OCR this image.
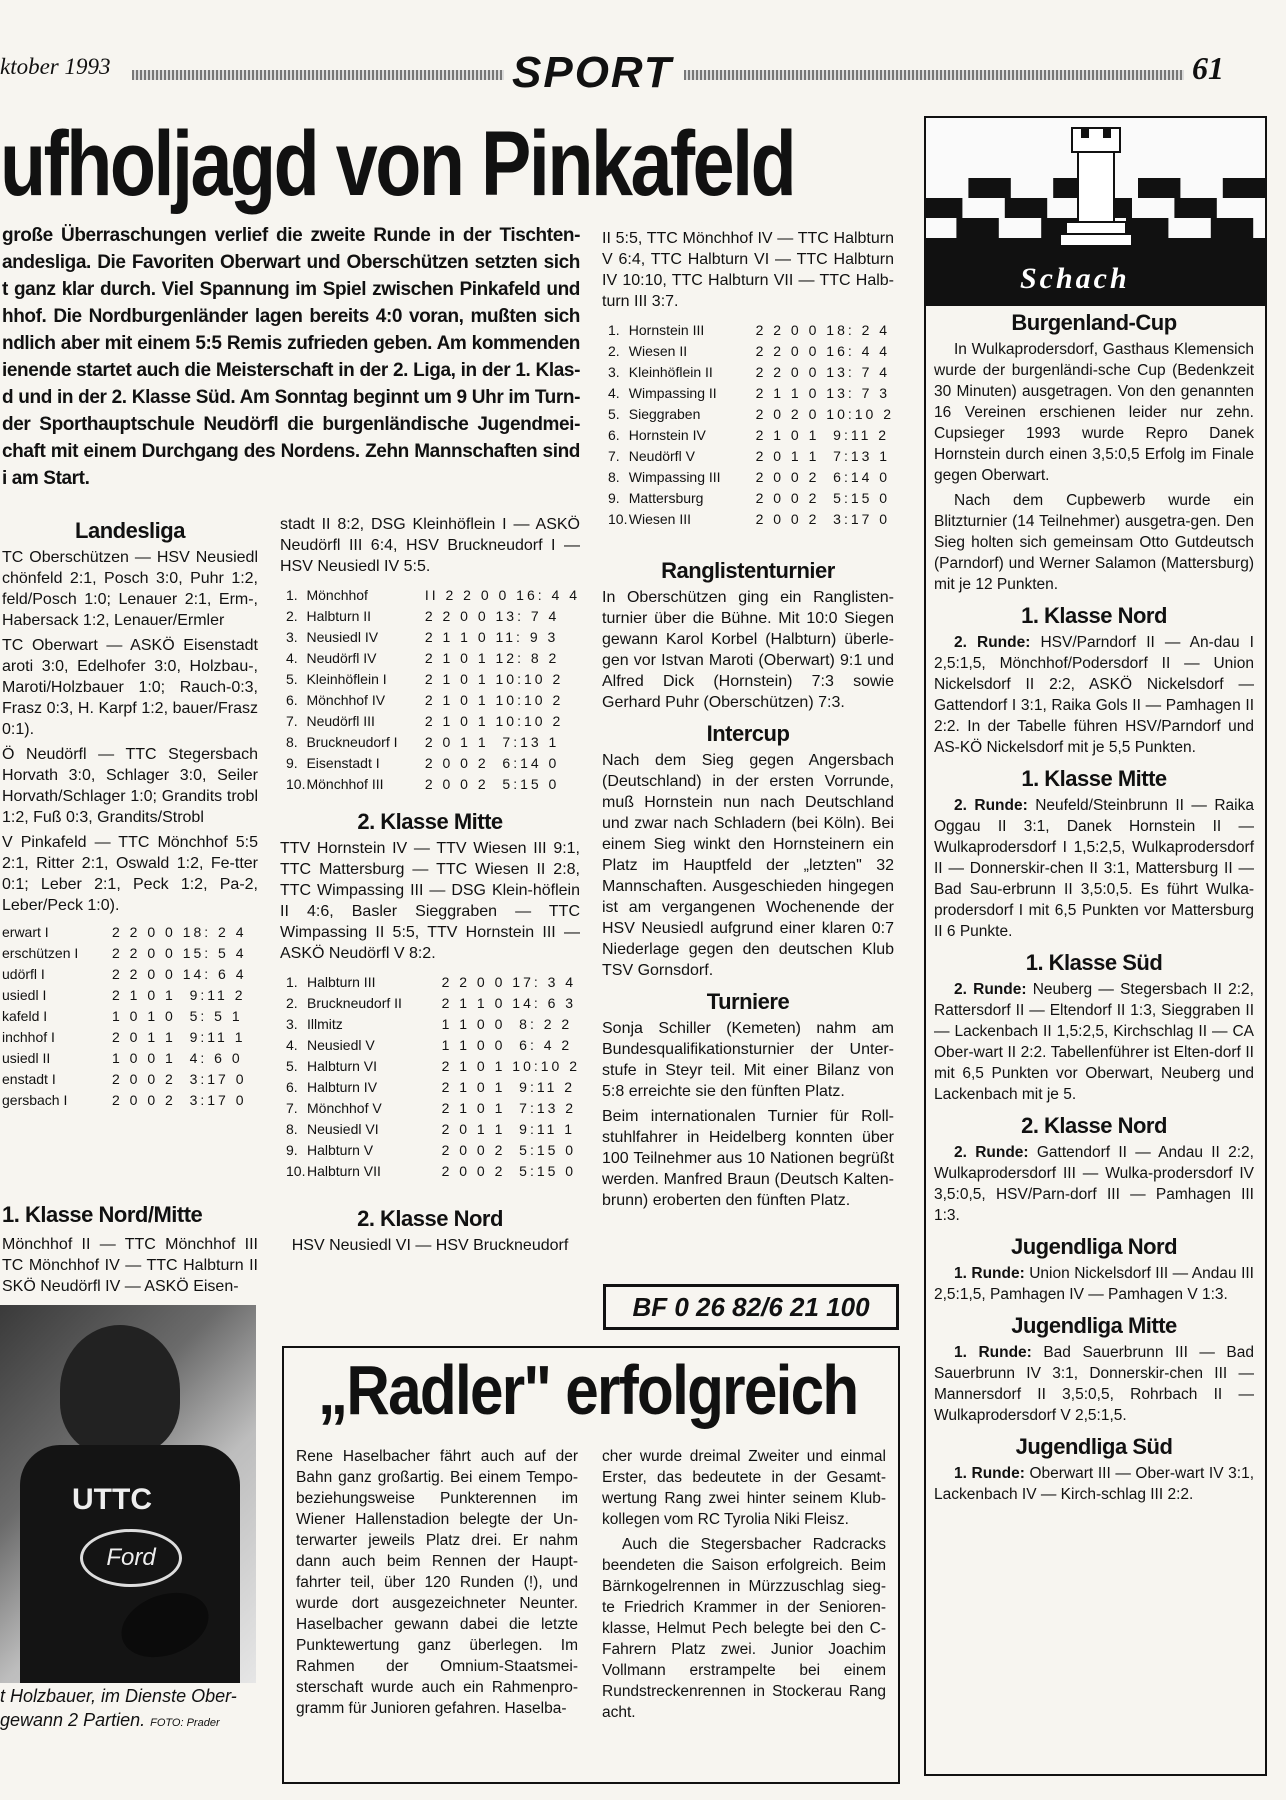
ktober 1993	SPORT	61
ufholjagd von Pinkafeld
große Überraschungen verlief die zweite Runde in der Tischten-andesliga. Die Favoriten Oberwart und Oberschützen setzten sich t ganz klar durch. Viel Spannung im Spiel zwischen Pinkafeld und hhof. Die Nordburgenländer lagen bereits 4:0 voran, mußten sich ndlich aber mit einem 5:5 Remis zufrieden geben. Am kommenden ienende startet auch die Meisterschaft in der 2. Liga, in der 1. Klas-d und in der 2. Klasse Süd. Am Sonntag beginnt um 9 Uhr im Turn-der Sporthauptschule Neudörfl die burgenländische Jugendmei-chaft mit einem Durchgang des Nordens. Zehn Mannschaften sind i am Start.
Landesliga

TC Oberschützen — HSV Neusiedl chönfeld 2:1, Posch 3:0, Puhr 1:2, feld/Posch 1:0; Lenauer 2:1, Erm-, Habersack 1:2, Lenauer/Ermler

TC Oberwart — ASKÖ Eisenstadt aroti 3:0, Edelhofer 3:0, Holzbau-, Maroti/Holzbauer 1:0; Rauch-0:3, Frasz 0:3, H. Karpf 1:2, bauer/Frasz 0:1).

Ö Neudörfl — TTC Stegersbach Horvath 3:0, Schlager 3:0, Seiler Horvath/Schlager 1:0; Grandits trobl 1:2, Fuß 0:3, Grandits/Strobl

V Pinkafeld — TTC Mönchhof 5:5 2:1, Ritter 2:1, Oswald 1:2, Fe-tter 0:1; Leber 2:1, Peck 1:2, Pa-2, Leber/Peck 1:0).

erwart I	2 2 0 0 18: 2 4
erschützen I	2 2 0 0 15: 5 4
udörfl I	2 2 0 0 14: 6 4
usiedl I	2 1 0 1  9:11 2
kafeld I	1 0 1 0  5: 5 1
inchhof I	2 0 1 1  9:11 1
usiedl II	1 0 0 1  4: 6 0
enstadt I	2 0 0 2  3:17 0
gersbach I	2 0 0 2  3:17 0
1. Klasse Nord/Mitte
Mönchhof II — TTC Mönchhof III TC Mönchhof IV — TTC Halbturn II SKÖ Neudörfl IV — ASKÖ Eisen-
UTTC
Ford
t Holzbauer, im Dienste Ober- gewann 2 Partien. FOTO: Prader

stadt II 8:2, DSG Kleinhöflein I — ASKÖ Neudörfl III 6:4, HSV Bruckneudorf I — HSV Neusiedl IV 5:5.

1.	Mönchhof	II 2 2 0 0 16: 4 4
2.	Halbturn II	2 2 0 0 13: 7 4
3.	Neusiedl IV	2 1 1 0 11: 9 3
4.	Neudörfl IV	2 1 0 1 12: 8 2
5.	Kleinhöflein I	2 1 0 1 10:10 2
6.	Mönchhof IV	2 1 0 1 10:10 2
7.	Neudörfl III	2 1 0 1 10:10 2
8.	Bruckneudorf I	2 0 1 1  7:13 1
9.	Eisenstadt I	2 0 0 2  6:14 0
10.	Mönchhof III	2 0 0 2  5:15 0
2. Klasse Mitte

TTV Hornstein IV — TTV Wiesen III 9:1, TTC Mattersburg — TTC Wiesen II 2:8, TTC Wimpassing III — DSG Klein-höflein II 4:6, Basler Sieggraben — TTC Wimpassing II 5:5, TTV Hornstein III — ASKÖ Neudörfl V 8:2.

1.	Halbturn III	2 2 0 0 17: 3 4
2.	Bruckneudorf II	2 1 1 0 14: 6 3
3.	Illmitz	1 1 0 0  8: 2 2
4.	Neusiedl V	1 1 0 0  6: 4 2
5.	Halbturn VI	2 1 0 1 10:10 2
6.	Halbturn IV	2 1 0 1  9:11 2
7.	Mönchhof V	2 1 0 1  7:13 2
8.	Neusiedl VI	2 0 1 1  9:11 1
9.	Halbturn V	2 0 0 2  5:15 0
10.	Halbturn VII	2 0 0 2  5:15 0
2. Klasse Nord

HSV Neusiedl VI — HSV Bruckneudorf

II 5:5, TTC Mönchhof IV — TTC Halbturn V 6:4, TTC Halbturn VI — TTC Halbturn IV 10:10, TTC Halbturn VII — TTC Halb-turn III 3:7.

1.	Hornstein III	2 2 0 0 18: 2 4
2.	Wiesen II	2 2 0 0 16: 4 4
3.	Kleinhöflein II	2 2 0 0 13: 7 4
4.	Wimpassing II	2 1 1 0 13: 7 3
5.	Sieggraben	2 0 2 0 10:10 2
6.	Hornstein IV	2 1 0 1  9:11 2
7.	Neudörfl V	2 0 1 1  7:13 1
8.	Wimpassing III	2 0 0 2  6:14 0
9.	Mattersburg	2 0 0 2  5:15 0
10.	Wiesen III	2 0 0 2  3:17 0
Ranglistenturnier

In Oberschützen ging ein Ranglisten-turnier über die Bühne. Mit 10:0 Siegen gewann Karol Korbel (Halbturn) überle-gen vor Istvan Maroti (Oberwart) 9:1 und Alfred Dick (Hornstein) 7:3 sowie Gerhard Puhr (Oberschützen) 7:3.

Intercup

Nach dem Sieg gegen Angersbach (Deutschland) in der ersten Vorrunde, muß Hornstein nun nach Deutschland und zwar nach Schladern (bei Köln). Bei einem Sieg winkt den Hornsteinern ein Platz im Hauptfeld der „letzten" 32 Mannschaften. Ausgeschieden hingegen ist am vergangenen Wochenende der HSV Neusiedl aufgrund einer klaren 0:7 Niederlage gegen den deutschen Klub TSV Gornsdorf.

Turniere

Sonja Schiller (Kemeten) nahm am Bundesqualifikationsturnier der Unter-stufe in Steyr teil. Mit einer Bilanz von 5:8 erreichte sie den fünften Platz.

Beim internationalen Turnier für Roll-stuhlfahrer in Heidelberg konnten über 100 Teilnehmer aus 10 Nationen begrüßt werden. Manfred Braun (Deutsch Kalten-brunn) eroberten den fünften Platz.

BF 0 26 82/6 21 100
„Radler" erfolgreich
Rene Haselbacher fährt auch auf der Bahn ganz großartig. Bei einem Tempo-beziehungsweise Punkterennen im Wiener Hallenstadion belegte der Un-terwarter jeweils Platz drei. Er nahm dann auch beim Rennen der Haupt-fahrter teil, über 120 Runden (!), und wurde dort ausgezeichneter Neunter. Haselbacher gewann dabei die letzte Punktewertung ganz überlegen. Im Rahmen der Omnium-Staatsmei-sterschaft wurde auch ein Rahmenpro-gramm für Junioren gefahren. Haselba-

cher wurde dreimal Zweiter und einmal Erster, das bedeutete in der Gesamt-wertung Rang zwei hinter seinem Klub-kollegen vom RC Tyrolia Niki Fleisz.

Auch die Stegersbacher Radcracks beendeten die Saison erfolgreich. Beim Bärnkogelrennen in Mürzzuschlag sieg-te Friedrich Krammer in der Senioren-klasse, Helmut Pech belegte bei den C-Fahrern Platz zwei. Junior Joachim Vollmann erstrampelte bei einem Rundstreckenrennen in Stockerau Rang acht.

Schach
Burgenland-Cup

In Wulkaprodersdorf, Gasthaus Klemensich wurde der burgenländi-sche Cup (Bedenkzeit 30 Minuten) ausgetragen. Von den genannten 16 Vereinen erschienen leider nur zehn. Cupsieger 1993 wurde Repro Danek Hornstein durch einen 3,5:0,5 Erfolg im Finale gegen Oberwart.

Nach dem Cupbewerb wurde ein Blitzturnier (14 Teilnehmer) ausgetra-gen. Den Sieg holten sich gemeinsam Otto Gutdeutsch (Parndorf) und Werner Salamon (Mattersburg) mit je 12 Punkten.

1. Klasse Nord

2. Runde: HSV/Parndorf II — An-dau I 2,5:1,5, Mönchhof/Podersdorf II — Union Nickelsdorf II 2:2, ASKÖ Nickelsdorf — Gattendorf I 3:1, Raika Gols II — Pamhagen II 2:2. In der Tabelle führen HSV/Parndorf und AS-KÖ Nickelsdorf mit je 5,5 Punkten.

1. Klasse Mitte

2. Runde: Neufeld/Steinbrunn II — Raika Oggau II 3:1, Danek Hornstein II — Wulkaprodersdorf I 1,5:2,5, Wulkaprodersdorf II — Donnerskir-chen II 3:1, Mattersburg II — Bad Sau-erbrunn II 3,5:0,5. Es führt Wulka-prodersdorf I mit 6,5 Punkten vor Mattersburg II 6 Punkte.

1. Klasse Süd

2. Runde: Neuberg — Stegersbach II 2:2, Rattersdorf II — Eltendorf II 1:3, Sieggraben II — Lackenbach II 1,5:2,5, Kirchschlag II — CA Ober-wart II 2:2. Tabellenführer ist Elten-dorf II mit 6,5 Punkten vor Oberwart, Neuberg und Lackenbach mit je 5.

2. Klasse Nord

2. Runde: Gattendorf II — Andau II 2:2, Wulkaprodersdorf III — Wulka-prodersdorf IV 3,5:0,5, HSV/Parn-dorf III — Pamhagen III 1:3.

Jugendliga Nord

1. Runde: Union Nickelsdorf III — Andau III 2,5:1,5, Pamhagen IV — Pamhagen V 1:3.

Jugendliga Mitte

1. Runde: Bad Sauerbrunn III — Bad Sauerbrunn IV 3:1, Donnerskir-chen III — Mannersdorf II 3,5:0,5, Rohrbach II — Wulkaprodersdorf V 2,5:1,5.

Jugendliga Süd

1. Runde: Oberwart III — Ober-wart IV 3:1, Lackenbach IV — Kirch-schlag III 2:2.
